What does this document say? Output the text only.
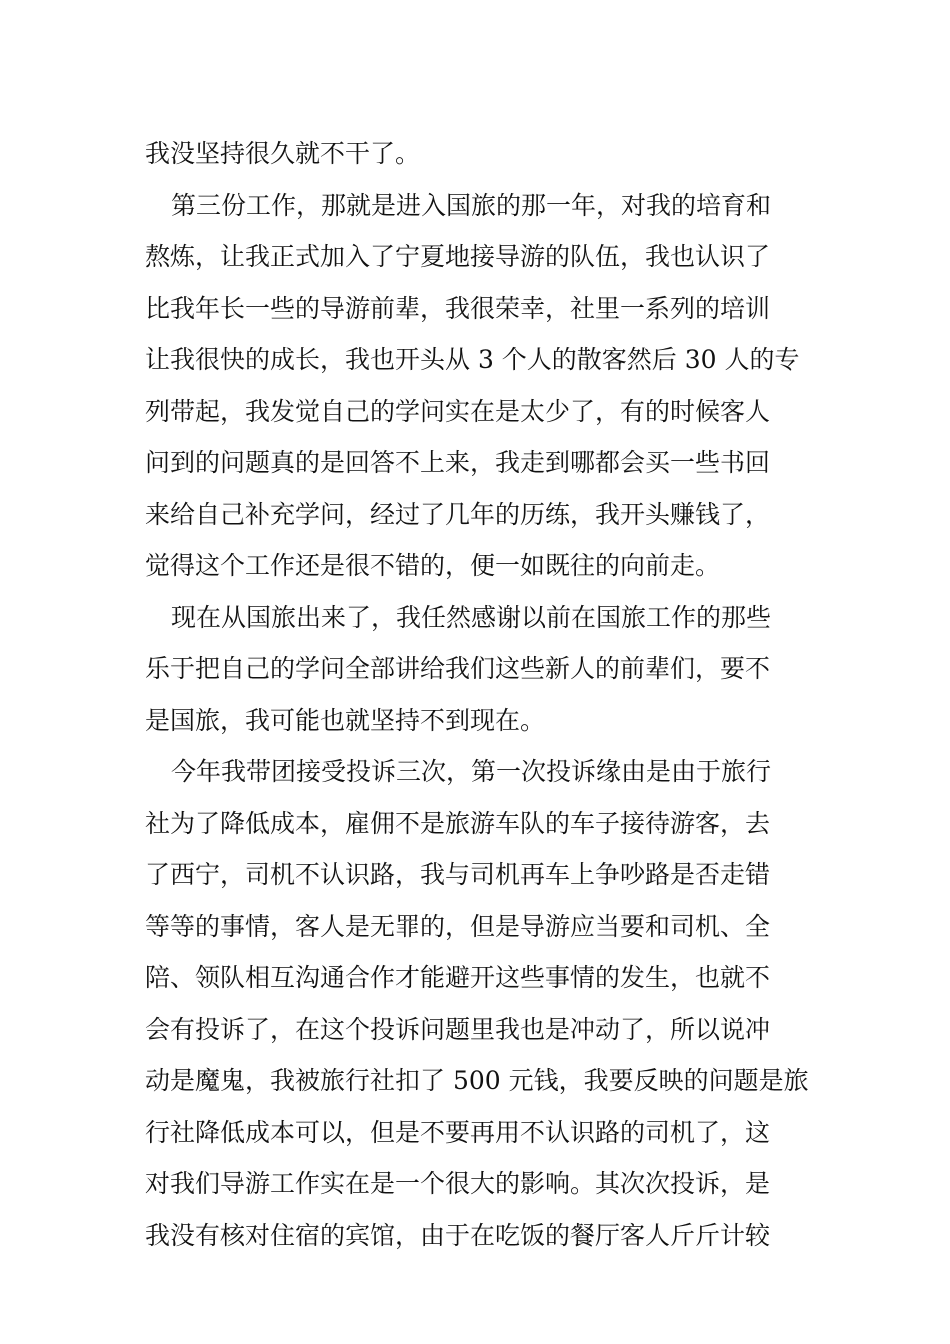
我没坚持很久就不干了。
第三份工作，那就是进入国旅的那一年，对我的培育和
熬炼，让我正式加入了宁夏地接导游的队伍，我也认识了
比我年长一些的导游前辈，我很荣幸，社里一系列的培训
让我很快的成长，我也开头从 3 个人的散客然后 30 人的专
列带起，我发觉自己的学问实在是太少了，有的时候客人
问到的问题真的是回答不上来，我走到哪都会买一些书回
来给自己补充学问，经过了几年的历练，我开头赚钱了，
觉得这个工作还是很不错的，便一如既往的向前走。
现在从国旅出来了，我任然感谢以前在国旅工作的那些
乐于把自己的学问全部讲给我们这些新人的前辈们，要不
是国旅，我可能也就坚持不到现在。
今年我带团接受投诉三次，第一次投诉缘由是由于旅行
社为了降低成本，雇佣不是旅游车队的车子接待游客，去
了西宁，司机不认识路，我与司机再车上争吵路是否走错
等等的事情，客人是无罪的，但是导游应当要和司机、全
陪、领队相互沟通合作才能避开这些事情的发生，也就不
会有投诉了，在这个投诉问题里我也是冲动了，所以说冲
动是魔鬼，我被旅行社扣了 500 元钱，我要反映的问题是旅
行社降低成本可以，但是不要再用不认识路的司机了，这
对我们导游工作实在是一个很大的影响。其次次投诉，是
我没有核对住宿的宾馆，由于在吃饭的餐厅客人斤斤计较
